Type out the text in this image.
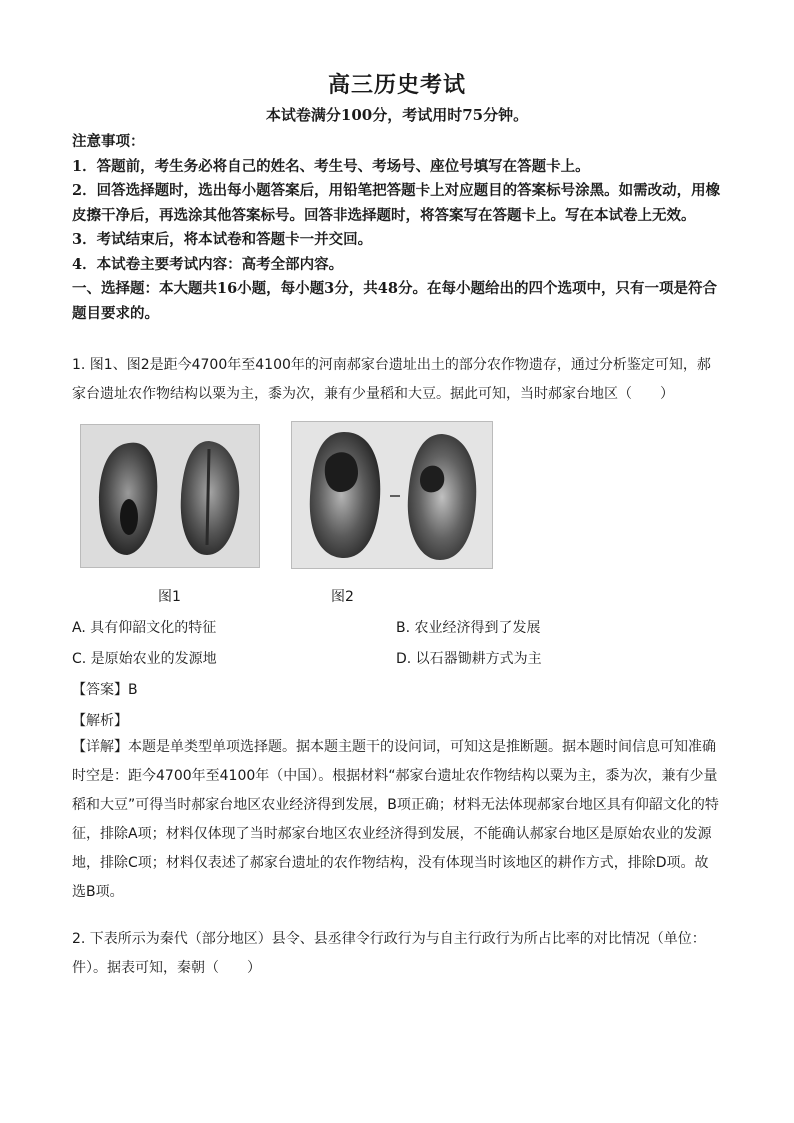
高三历史考试
本试卷满分100分，考试用时75分钟。

注意事项：

1．答题前，考生务必将自己的姓名、考生号、考场号、座位号填写在答题卡上。

2．回答选择题时，选出每小题答案后，用铅笔把答题卡上对应题目的答案标号涂黑。如需改动，用橡皮擦干净后，再选涂其他答案标号。回答非选择题时，将答案写在答题卡上。写在本试卷上无效。

3．考试结束后，将本试卷和答题卡一并交回。

4．本试卷主要考试内容：高考全部内容。

一、选择题：本大题共16小题，每小题3分，共48分。在每小题给出的四个选项中，只有一项是符合题目要求的。

1. 图1、图2是距今4700年至4100年的河南郝家台遗址出土的部分农作物遗存，通过分析鉴定可知，郝家台遗址农作物结构以粟为主，黍为次，兼有少量稻和大豆。据此可知，当时郝家台地区（　　）

图1	图2
A. 具有仰韶文化的特征	B. 农业经济得到了发展
C. 是原始农业的发源地	D. 以石器锄耕方式为主
【答案】B
【解析】

【详解】本题是单类型单项选择题。据本题主题干的设问词，可知这是推断题。据本题时间信息可知准确时空是：距今4700年至4100年（中国）。根据材料“郝家台遗址农作物结构以粟为主，黍为次，兼有少量稻和大豆”可得当时郝家台地区农业经济得到发展，B项正确；材料无法体现郝家台地区具有仰韶文化的特征，排除A项；材料仅体现了当时郝家台地区农业经济得到发展，不能确认郝家台地区是原始农业的发源地，排除C项；材料仅表述了郝家台遗址的农作物结构，没有体现当时该地区的耕作方式，排除D项。故选B项。

2. 下表所示为秦代（部分地区）县令、县丞律令行政行为与自主行政行为所占比率的对比情况（单位：件）。据表可知，秦朝（　　）
